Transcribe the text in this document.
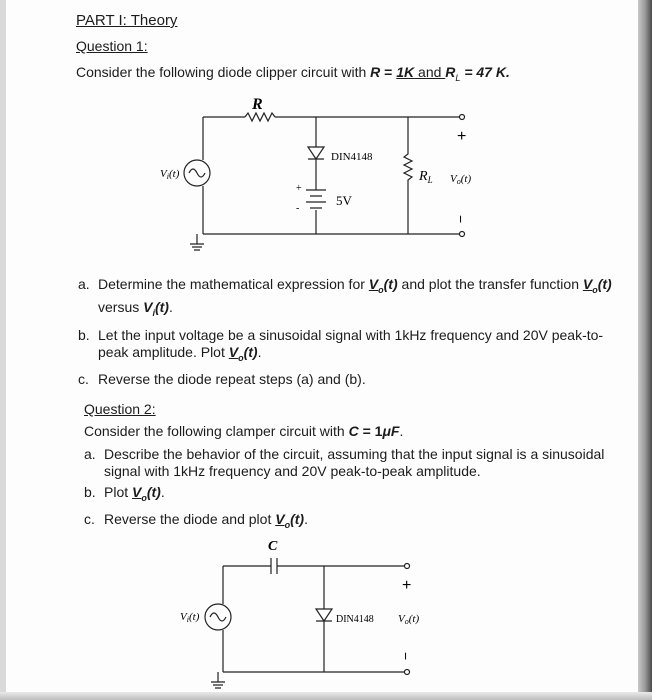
PART I: Theory
Question 1:
Consider the following diode clipper circuit with R = 1K and $R_L = 47$ K.
R
DIN4148
5V
+
-
$R_L$
Vi(t)	Vo(t)
+
−
a. Determine the mathematical expression for $V_o(t)$ and plot the transfer function $V_o(t)$
versus $V_i(t)$.
b. Let the input voltage be a sinusoidal signal with 1kHz frequency and 20V peak-to-
peak amplitude. Plot $V_o(t)$.
c. Reverse the diode repeat steps (a) and (b).
Question 2:
Consider the following clamper circuit with C = 1μF.
a. Describe the behavior of the circuit, assuming that the input signal is a sinusoidal
signal with 1kHz frequency and 20V peak-to-peak amplitude.
b. Plot $V_o(t)$.
c. Reverse the diode and plot $V_o(t)$.
C
DIN4148
Vi(t)	Vo(t)
+
−
